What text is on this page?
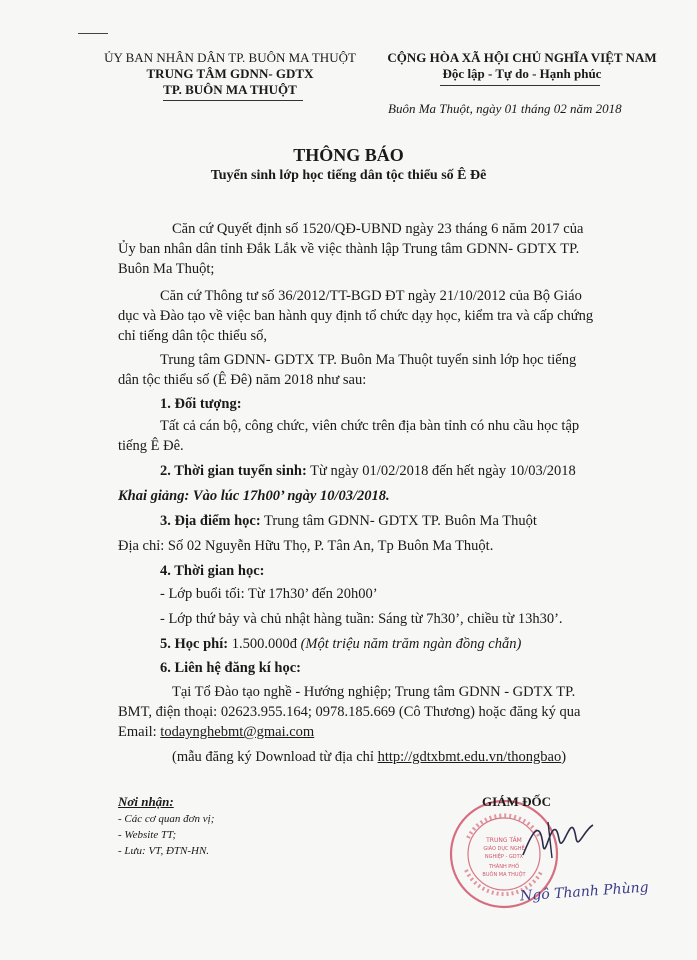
ỦY BAN NHÂN DÂN TP. BUÔN MA THUỘT
TRUNG TÂM GDNN- GDTX
TP. BUÔN MA THUỘT
CỘNG HÒA XÃ HỘI CHỦ NGHĨA VIỆT NAM
Độc lập - Tự do - Hạnh phúc
Buôn Ma Thuột, ngày 01 tháng 02 năm 2018
THÔNG BÁO
Tuyển sinh lớp học tiếng dân tộc thiểu số Ê Đê
Căn cứ Quyết định số 1520/QĐ-UBND ngày 23 tháng 6 năm 2017 của
Ủy ban nhân dân tỉnh Đắk Lắk về việc thành lập Trung tâm GDNN- GDTX TP.
Buôn Ma Thuột;
Căn cứ Thông tư số 36/2012/TT-BGD ĐT ngày 21/10/2012 của Bộ Giáo
dục và Đào tạo về việc ban hành quy định tổ chức dạy học, kiểm tra và cấp chứng
chỉ tiếng dân tộc thiểu số,
Trung tâm GDNN- GDTX TP. Buôn Ma Thuột tuyển sinh lớp học tiếng
dân tộc thiểu số (Ê Đê) năm 2018 như sau:
1. Đối tượng:
Tất cả cán bộ, công chức, viên chức trên địa bàn tỉnh có nhu cầu học tập
tiếng Ê Đê.
2. Thời gian tuyển sinh: Từ ngày 01/02/2018 đến hết ngày 10/03/2018
Khai giảng: Vào lúc 17h00’ ngày 10/03/2018.
3. Địa điểm học: Trung tâm GDNN- GDTX TP. Buôn Ma Thuột
Địa chỉ: Số 02 Nguyễn Hữu Thọ, P. Tân An, Tp Buôn Ma Thuột.
4. Thời gian học:
- Lớp buổi tối: Từ 17h30’ đến 20h00’
- Lớp thứ bảy và chủ nhật hàng tuần: Sáng từ 7h30’, chiều từ 13h30’.
5. Học phí: 1.500.000đ (Một triệu năm trăm ngàn đồng chẵn)
6. Liên hệ đăng kí học:
Tại Tổ Đào tạo nghề - Hướng nghiệp; Trung tâm GDNN - GDTX TP.
BMT, điện thoại: 02623.955.164; 0978.185.669 (Cô Thương) hoặc đăng ký qua
Email: todaynghebmt@gmai.com
(mẫu đăng ký Download từ địa chỉ http://gdtxbmt.edu.vn/thongbao)
Nơi nhận:
- Các cơ quan đơn vị;
- Website TT;
- Lưu: VT, ĐTN-HN.
TRUNG TÂM
GIÁO DỤC NGHỀ
NGHIỆP - GDTX
THÀNH PHỐ
BUÔN MA THUỘT
GIÁM ĐỐC
Ngô Thanh Phùng
